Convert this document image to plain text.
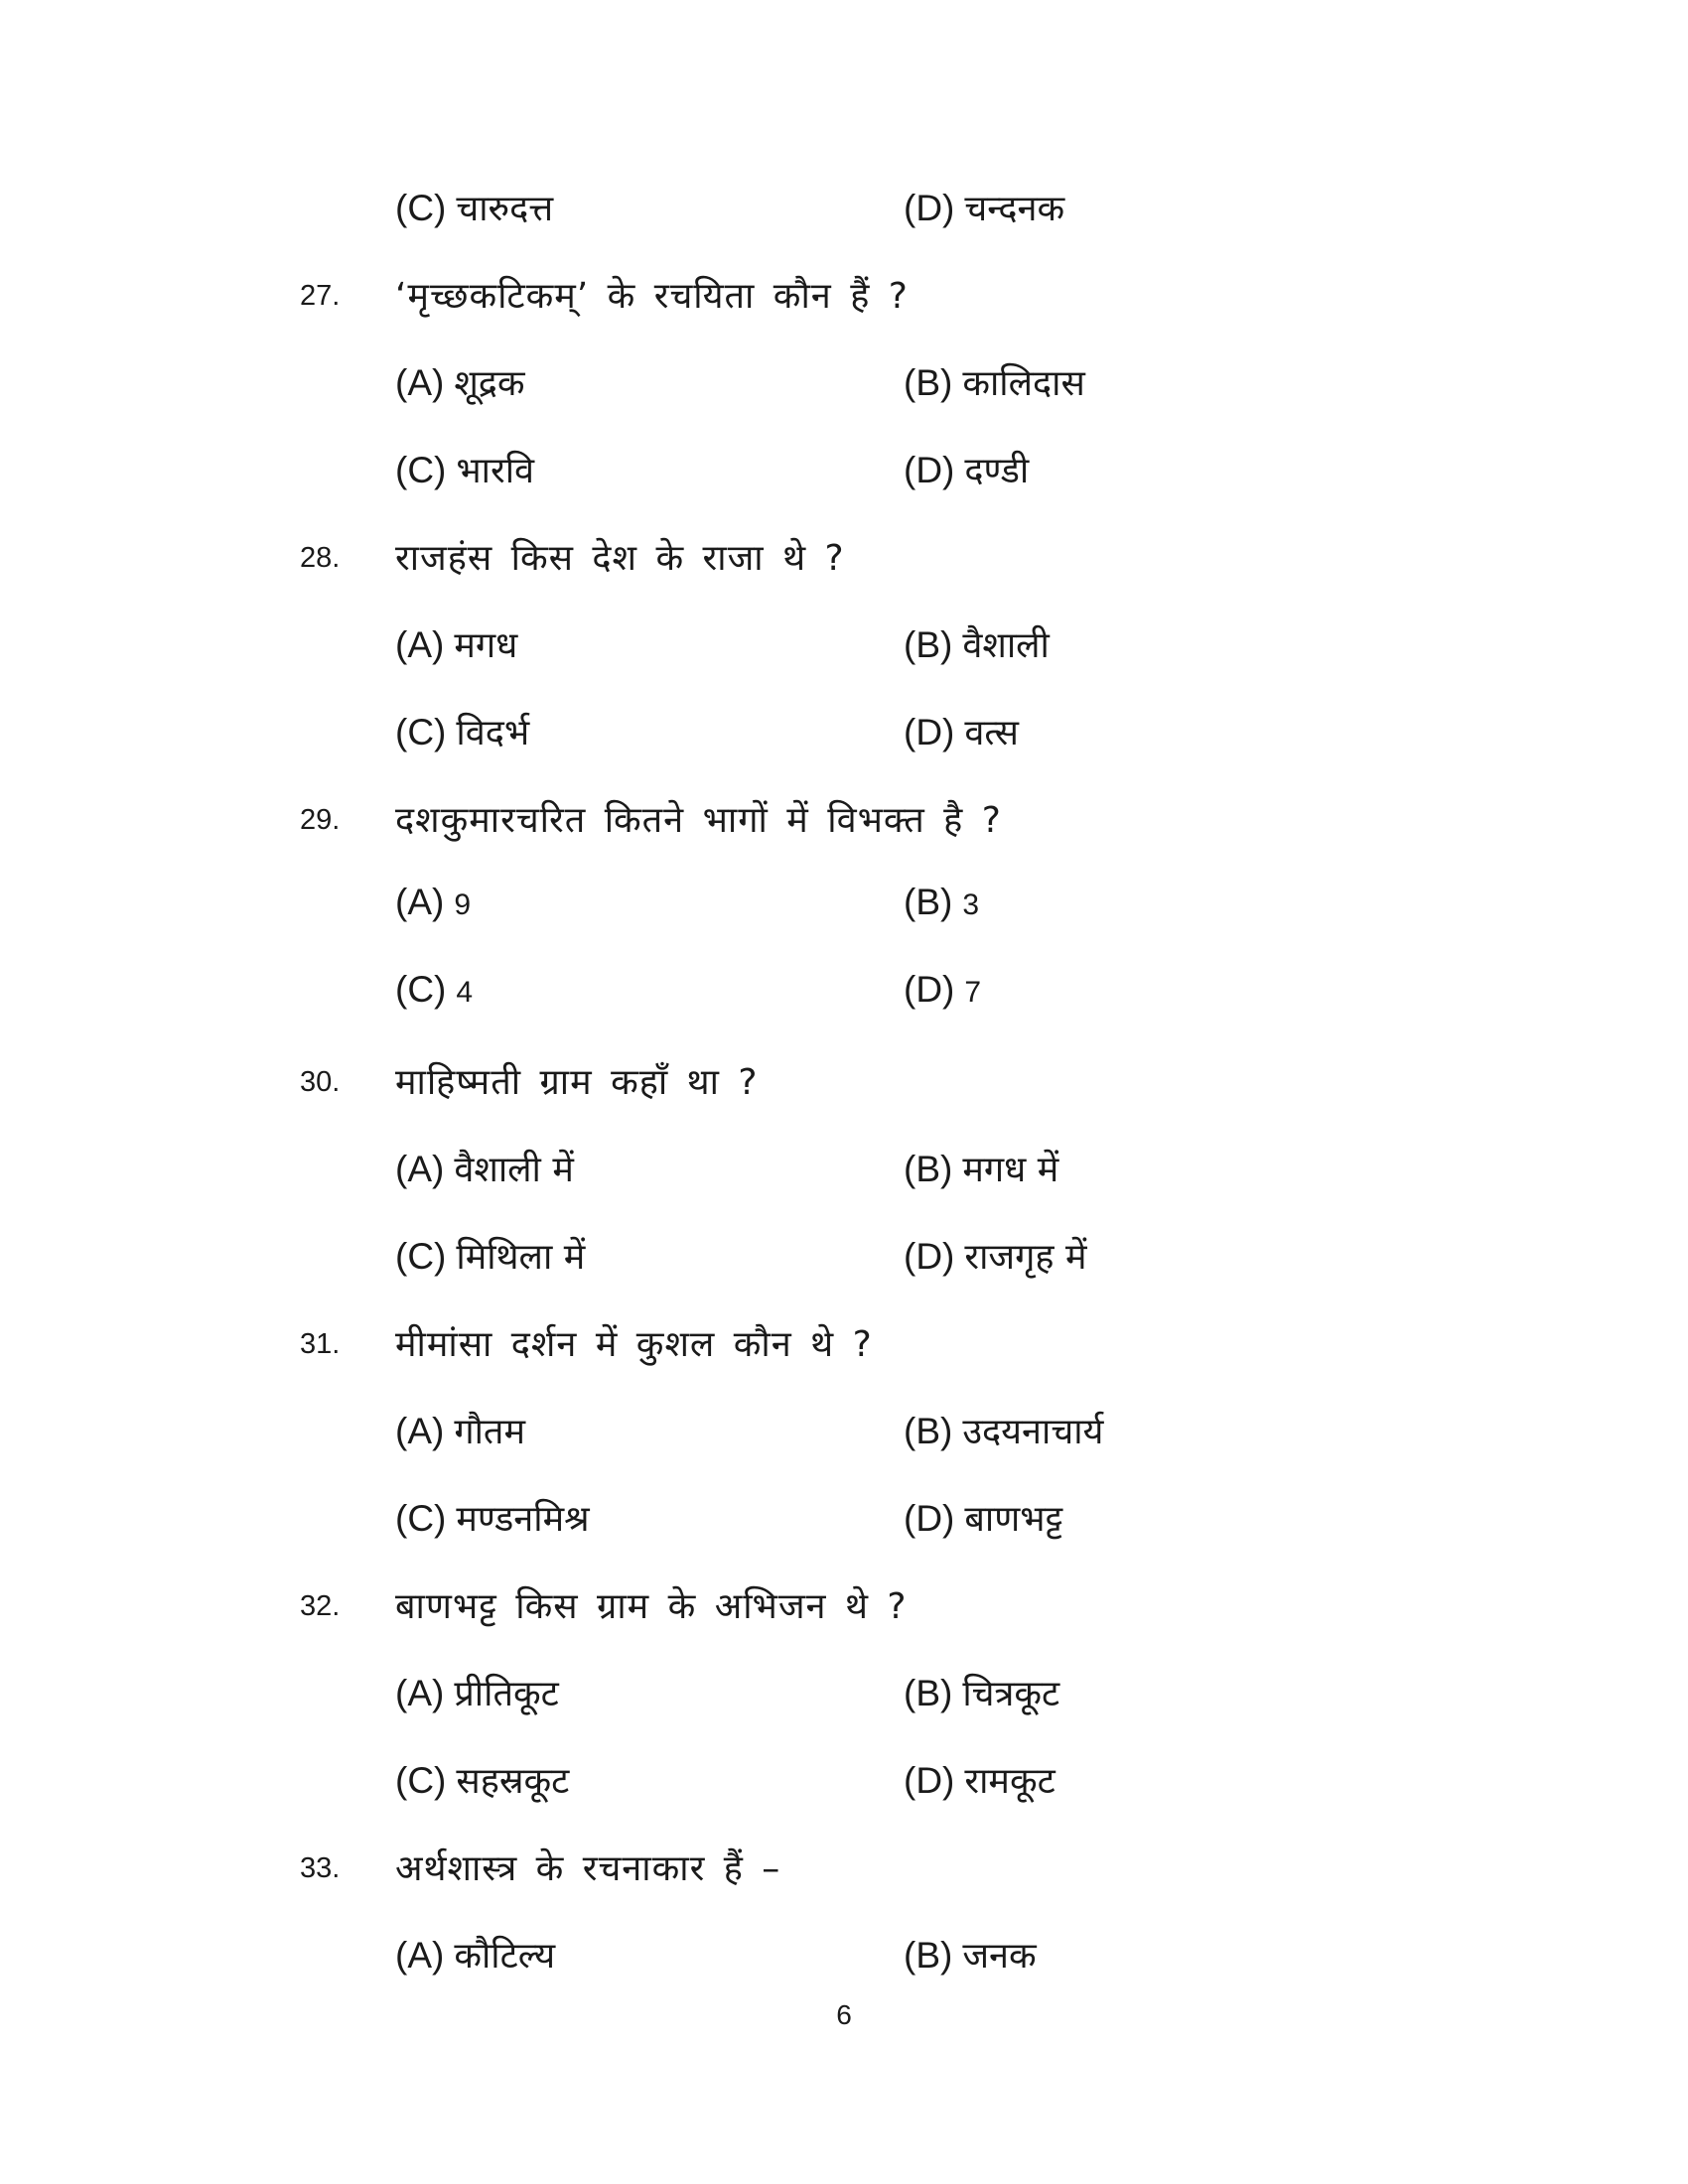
(C) चारुदत्त	(D) चन्दनक
27. ‘मृच्छकटिकम्’ के रचयिता कौन हैं ?
(A) शूद्रक	(B) कालिदास
(C) भारवि	(D) दण्डी
28. राजहंस किस देश के राजा थे ?
(A) मगध	(B) वैशाली
(C) विदर्भ	(D) वत्स
29. दशकुमारचरित कितने भागों में विभक्त है ?
(A) 9	(B) 3
(C) 4	(D) 7
30. माहिष्मती ग्राम कहाँ था ?
(A) वैशाली में	(B) मगध में
(C) मिथिला में	(D) राजगृह में
31. मीमांसा दर्शन में कुशल कौन थे ?
(A) गौतम	(B) उदयनाचार्य
(C) मण्डनमिश्र	(D) बाणभट्ट
32. बाणभट्ट किस ग्राम के अभिजन थे ?
(A) प्रीतिकूट	(B) चित्रकूट
(C) सहस्रकूट	(D) रामकूट
33. अर्थशास्त्र के रचनाकार हैं –
(A) कौटिल्य	(B) जनक
6
